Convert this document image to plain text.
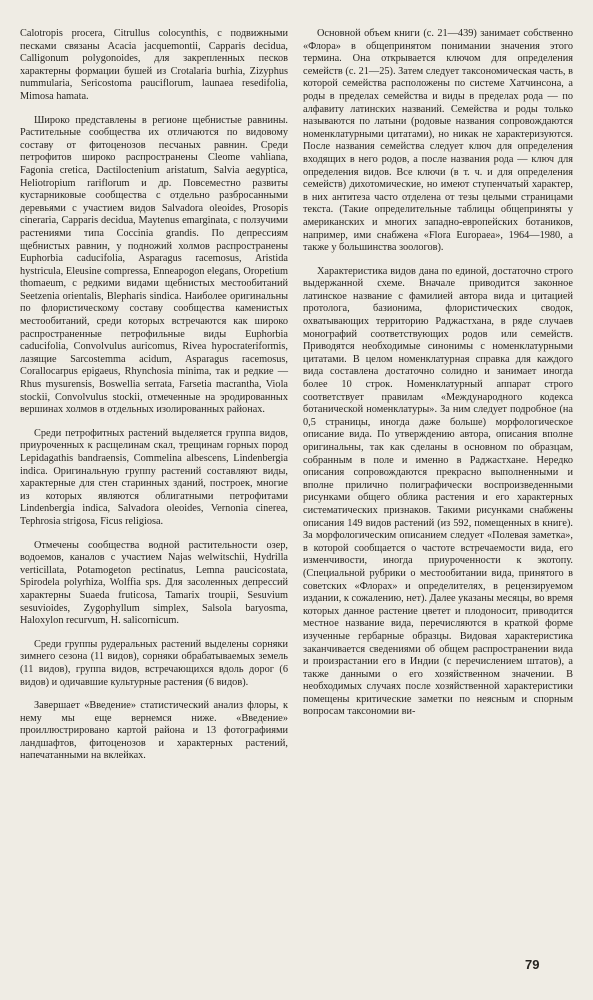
Calotropis procera, Citrullus colocynthis, с подвижными песками связаны Acacia jacquemontii, Capparis decidua, Calligonum polygonoides, для закрепленных песков характерны формации бушей из Crotalaria burhia, Zizyphus nummularia, Sericostoma pauciflorum, launaea resedifolia, Mimosa hamata.

Широко представлены в регионе щебнистые равнины. Растительные сообщества их отличаются по видовому составу от фитоценозов песчаных равнин. Среди петрофитов широко распространены Cleome vahliana, Fagonia cretica, Dactiloctenium aristatum, Salvia aegyptica, Heliotropium rariflorum и др. Повсеместно развиты кустарниковые сообщества с отдельно разбросанными деревьями с участием видов Salvadora oleoides, Prosopis cineraria, Capparis decidua, Maytenus emarginata, с ползучими растениями типа Coccinia grandis. По депрессиям щебнистых равнин, у подножий холмов распространены Euphorbia caducifolia, Asparagus racemosus, Aristida hystricula, Eleusine compressa, Enneapogon elegans, Oropetium thomaeum, с редкими видами щебнистых местообитаний Seetzenia orientalis, Blepharis sindica. Наиболее оригинальны по флористическому составу сообщества каменистых местообитаний, среди которых встречаются как широко распространенные петрофильные виды Euphorbia caducifolia, Convolvulus auricomus, Rivea hypocrateriformis, лазящие Sarcostemma acidum, Asparagus racemosus, Corallocarpus epigaeus, Rhynchosia minima, так и редкие — Rhus mysurensis, Boswellia serrata, Farsetia macrantha, Viola stockii, Convolvulus stockii, отмеченные на эродированных вершинах холмов в отдельных изолированных районах.

Среди петрофитных растений выделяется группа видов, приуроченных к расщелинам скал, трещинам горных пород Lepidagathis bandraensis, Commelina albescens, Lindenbergia indica. Оригинальную группу растений составляют виды, характерные для стен старинных зданий, построек, многие из которых являются облигатными петрофитами Lindenbergia indica, Salvadora oleoides, Vernonia cinerea, Tephrosia strigosa, Ficus religiosa.

Отмечены сообщества водной растительности озер, водоемов, каналов с участием Najas welwitschii, Hydrilla verticillata, Potamogeton pectinatus, Lemna paucicostata, Spirodela polyrhiza, Wolffia sps. Для засоленных депрессий характерны Suaeda fruticosa, Tamarix troupii, Sesuvium sesuvioides, Zygophyllum simplex, Salsola baryosma, Haloxylon recurvum, H. salicornicum.

Среди группы рудеральных растений выделены сорняки зимнего сезона (11 видов), сорняки обрабатываемых земель (11 видов), группа видов, встречающихся вдоль дорог (6 видов) и одичавшие культурные растения (6 видов).

Завершает «Введение» статистический анализ флоры, к нему мы еще вернемся ниже. «Введение» проиллюстрировано картой района и 13 фотографиями ландшафтов, фитоценозов и характерных растений, напечатанными на вклейках.

Основной объем книги (с. 21—439) занимает собственно «Флора» в общепринятом понимании значения этого термина. Она открывается ключом для определения семейств (с. 21—25). Затем следует таксономическая часть, в которой семейства расположены по системе Хатчинсона, а роды в пределах семейства и виды в пределах рода — по алфавиту латинских названий. Семейства и роды только называются по латыни (родовые названия сопровождаются номенклатурными цитатами), но никак не характеризуются. После названия семейства следует ключ для определения входящих в него родов, а после названия рода — ключ для определения видов. Все ключи (в т. ч. и для определения семейств) дихотомические, но имеют ступенчатый характер, в них антитеза часто отделена от тезы целыми страницами текста. (Такие определительные таблицы общеприняты у американских и многих западно-европейских ботаников, например, ими снабжена «Flora Europaea», 1964—1980, а также у большинства зоологов).

Характеристика видов дана по единой, достаточно строго выдержанной схеме. Вначале приводится законное латинское название с фамилией автора вида и цитацией протолога, базионима, флористических сводок, охватывающих территорию Раджастхана, в ряде случаев монографий соответствующих родов или семейств. Приводятся необходимые синонимы с номенклатурными цитатами. В целом номенклатурная справка для каждого вида составлена достаточно солидно и занимает иногда более 10 строк. Номенклатурный аппарат строго соответствует правилам «Международного кодекса ботанической номенклатуры». За ним следует подробное (на 0,5 страницы, иногда даже больше) морфологическое описание вида. По утверждению автора, описания вполне оригинальны, так как сделаны в основном по образцам, собранным в поле и именно в Раджастхане. Нередко описания сопровождаются прекрасно выполненными и вполне прилично полиграфически воспроизведенными рисунками общего облика растения и его характерных систематических признаков. Такими рисунками снабжены описания 149 видов растений (из 592, помещенных в книге). За морфологическим описанием следует «Полевая заметка», в которой сообщается о частоте встречаемости вида, его изменчивости, иногда приуроченности к экотопу. (Специальной рубрики о местообитании вида, принятого в советских «Флорах» и определителях, в рецензируемом издании, к сожалению, нет). Далее указаны месяцы, во время которых данное растение цветет и плодоносит, приводится местное название вида, перечисляются в краткой форме изученные гербарные образцы. Видовая характеристика заканчивается сведениями об общем распространении вида и произрастании его в Индии (с перечислением штатов), а также данными о его хозяйственном значении. В необходимых случаях после хозяйственной характеристики помещены критические заметки по неясным и спорным вопросам таксономии ви-

79
